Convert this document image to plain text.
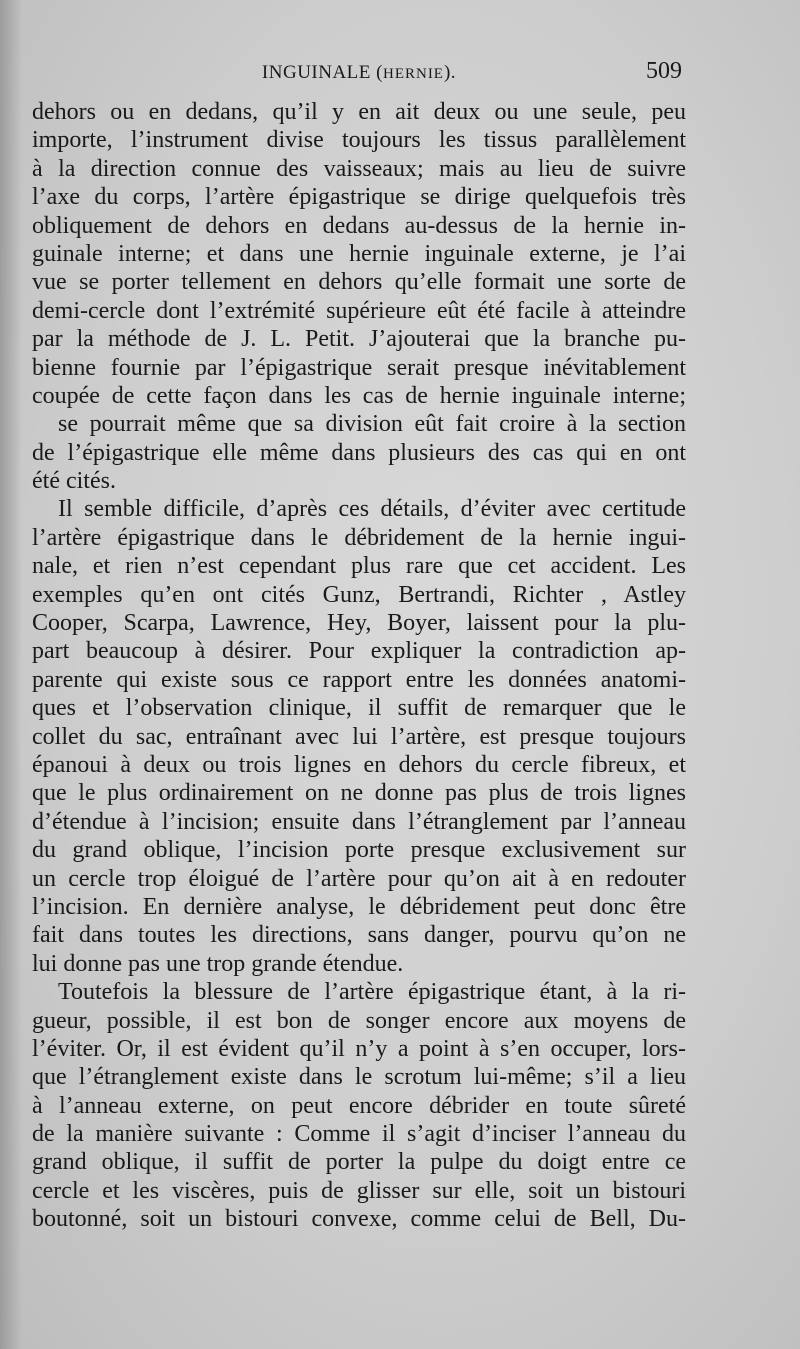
INGUINALE (HERNIE).	509
dehors ou en dedans, qu’il y en ait deux ou une seule, peu
importe, l’instrument divise toujours les tissus parallèlement
à la direction connue des vaisseaux; mais au lieu de suivre
l’axe du corps, l’artère épigastrique se dirige quelquefois très
obliquement de dehors en dedans au-dessus de la hernie in-
guinale interne; et dans une hernie inguinale externe, je l’ai
vue se porter tellement en dehors qu’elle formait une sorte de
demi-cercle dont l’extrémité supérieure eût été facile à atteindre
par la méthode de J. L. Petit. J’ajouterai que la branche pu-
bienne fournie par l’épigastrique serait presque inévitablement
coupée de cette façon dans les cas de hernie inguinale interne;
se pourrait même que sa division eût fait croire à la section
de l’épigastrique elle même dans plusieurs des cas qui en ont
été cités.
Il semble difficile, d’après ces détails, d’éviter avec certitude
l’artère épigastrique dans le débridement de la hernie ingui-
nale, et rien n’est cependant plus rare que cet accident. Les
exemples qu’en ont cités Gunz, Bertrandi, Richter , Astley
Cooper, Scarpa, Lawrence, Hey, Boyer, laissent pour la plu-
part beaucoup à désirer. Pour expliquer la contradiction ap-
parente qui existe sous ce rapport entre les données anatomi-
ques et l’observation clinique, il suffit de remarquer que le
collet du sac, entraînant avec lui l’artère, est presque toujours
épanoui à deux ou trois lignes en dehors du cercle fibreux, et
que le plus ordinairement on ne donne pas plus de trois lignes
d’étendue à l’incision; ensuite dans l’étranglement par l’anneau
du grand oblique, l’incision porte presque exclusivement sur
un cercle trop éloigué de l’artère pour qu’on ait à en redouter
l’incision. En dernière analyse, le débridement peut donc être
fait dans toutes les directions, sans danger, pourvu qu’on ne
lui donne pas une trop grande étendue.
Toutefois la blessure de l’artère épigastrique étant, à la ri-
gueur, possible, il est bon de songer encore aux moyens de
l’éviter. Or, il est évident qu’il n’y a point à s’en occuper, lors-
que l’étranglement existe dans le scrotum lui-même; s’il a lieu
à l’anneau externe, on peut encore débrider en toute sûreté
de la manière suivante : Comme il s’agit d’inciser l’anneau du
grand oblique, il suffit de porter la pulpe du doigt entre ce
cercle et les viscères, puis de glisser sur elle, soit un bistouri
boutonné, soit un bistouri convexe, comme celui de Bell, Du-
